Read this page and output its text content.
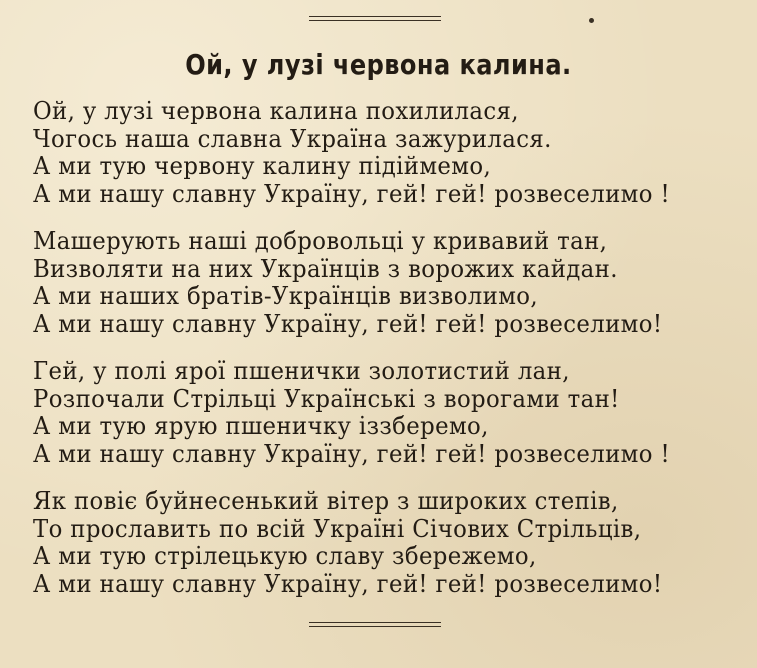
Ой, у лузі червона калина.
Ой, у лузі червона калина похилилася,
Чогось наша славна Україна зажурилася.
А ми тую червону калину підіймемо,
А ми нашу славну Україну, гей! гей! розвеселимо !
Машерують наші добровольці у кривавий тан,
Визволяти на них Українців з ворожих кайдан.
А ми наших братів-Українців визволимо,
А ми нашу славну Україну, гей! гей! розвеселимо!
Гей, у полі ярої пшенички золотистий лан,
Розпочали Стрільці Українські з ворогами тан!
А ми тую ярую пшеничку іззберемо,
А ми нашу славну Україну, гей! гей! розвеселимо !
Як повіє буйнесенький вітер з широких степів,
То прославить по всій Україні Січових Стрільців,
А ми тую стрілецькую славу збережемо,
А ми нашу славну Україну, гей! гей! розвеселимо!
